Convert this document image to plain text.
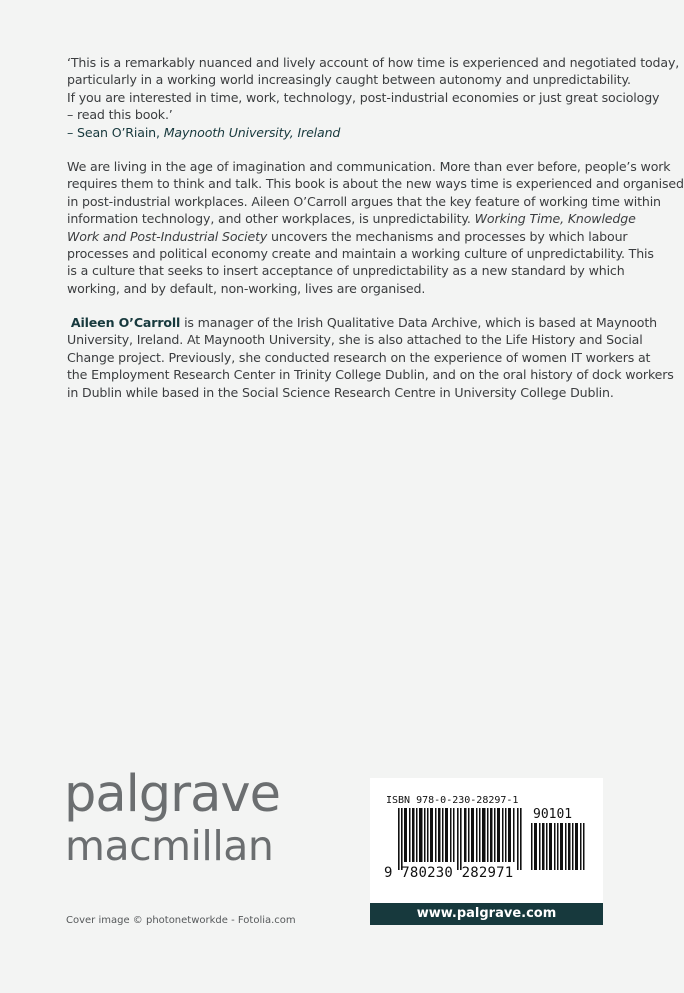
‘This is a remarkably nuanced and lively account of how time is experienced and negotiated today,

particularly in a working world increasingly caught between autonomy and unpredictability.

If you are interested in time, work, technology, post-industrial economies or just great sociology

– read this book.’

– Sean O’Riain, Maynooth University, Ireland

We are living in the age of imagination and communication. More than ever before, people’s work

requires them to think and talk. This book is about the new ways time is experienced and organised

in post-industrial workplaces. Aileen O’Carroll argues that the key feature of working time within

information technology, and other workplaces, is unpredictability. Working Time, Knowledge

Work and Post-Industrial Society uncovers the mechanisms and processes by which labour

processes and political economy create and maintain a working culture of unpredictability. This

is a culture that seeks to insert acceptance of unpredictability as a new standard by which

working, and by default, non-working, lives are organised.

Aileen O’Carroll is manager of the Irish Qualitative Data Archive, which is based at Maynooth

University, Ireland. At Maynooth University, she is also attached to the Life History and Social

Change project. Previously, she conducted research on the experience of women IT workers at

the Employment Research Center in Trinity College Dublin, and on the oral history of dock workers

in Dublin while based in the Social Science Research Centre in University College Dublin.

palgrave
macmillan
Cover image © photonetworkde - Fotolia.com
ISBN 978-0-230-28297-1
90101
9 780230 282971
www.palgrave.com
